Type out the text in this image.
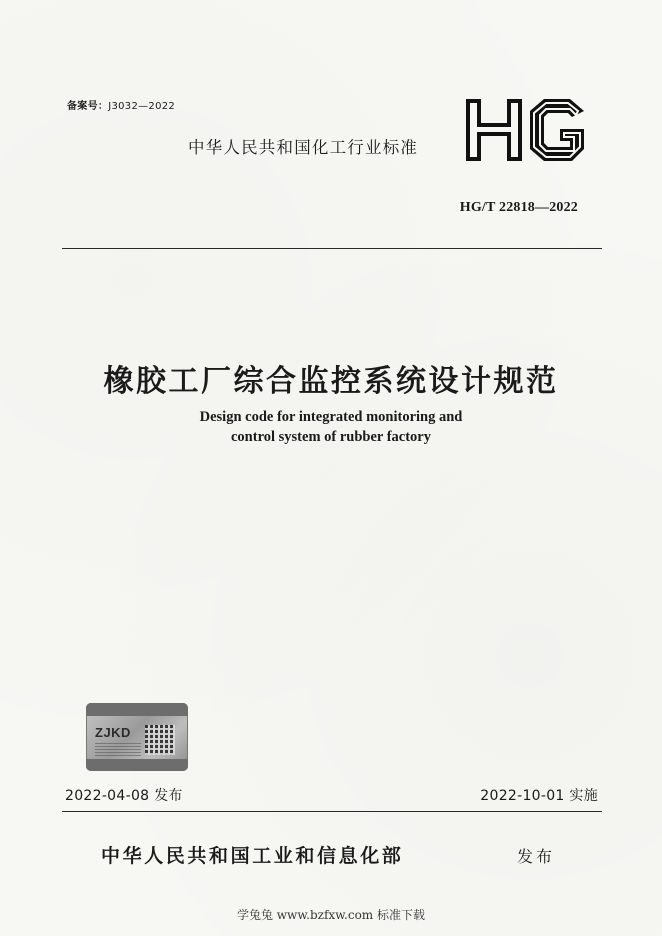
备案号：J3032—2022
中华人民共和国化工行业标准
HG/T 22818—2022
橡胶工厂综合监控系统设计规范
Design code for integrated monitoring and
control system of rubber factory
ZJKD
2022-04-08 发布	2022-10-01 实施
中华人民共和国工业和信息化部	发布
学兔兔 www.bzfxw.com 标准下载
